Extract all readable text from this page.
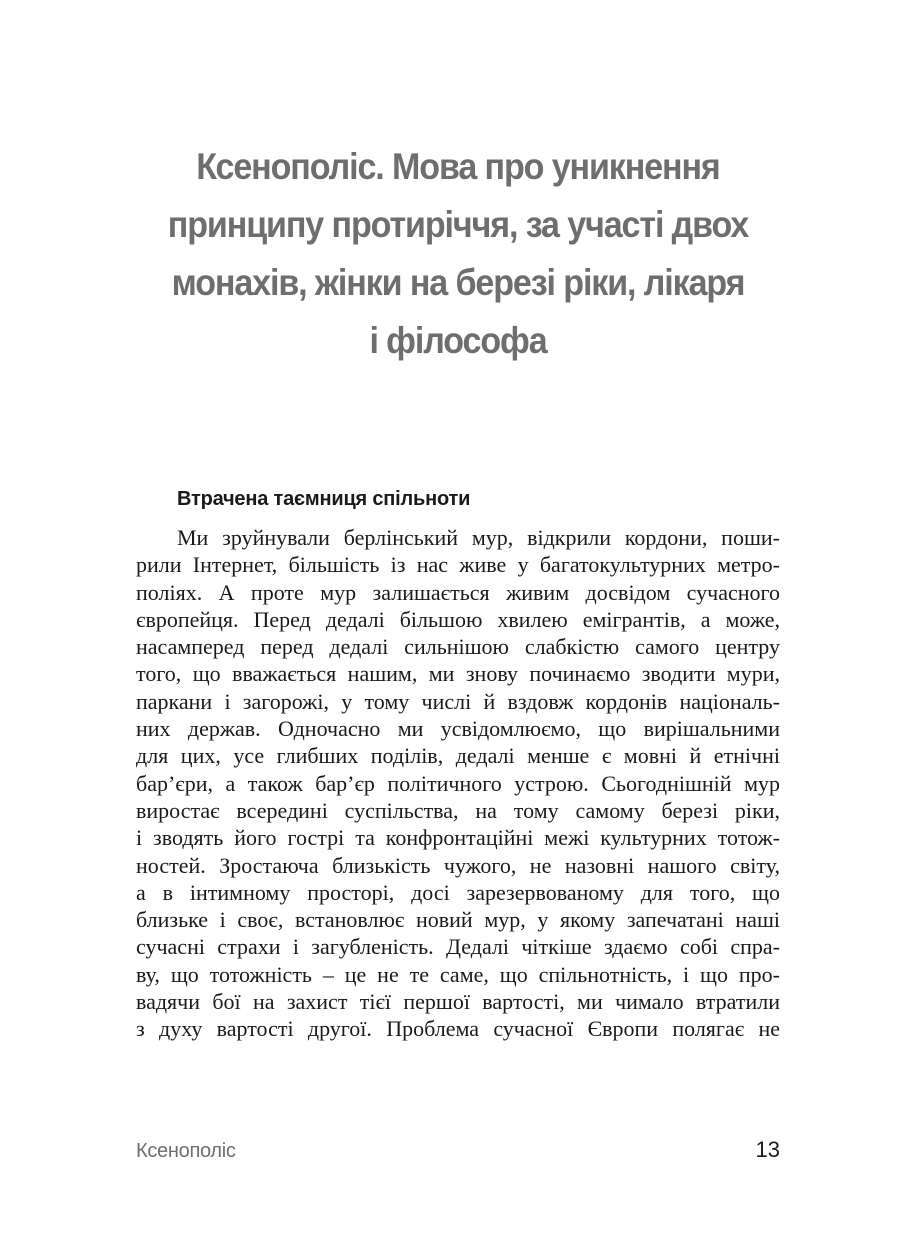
Ксенополіс. Мова про уникнення
принципу протиріччя, за участі двох
монахів, жінки на березі ріки, лікаря
і філософа
Втрачена таємниця спільноти
Ми зруйнували берлінський мур, відкрили кордони, поши-
рили Інтернет, більшість із нас живе у багатокультурних метро-
поліях. А проте мур залишається живим досвідом сучасного
європейця. Перед дедалі більшою хвилею емігрантів, а може,
насамперед перед дедалі сильнішою слабкістю самого центру
того, що вважається нашим, ми знову починаємо зводити мури,
паркани і загорожі, у тому числі й вздовж кордонів національ-
них держав. Одночасно ми усвідомлюємо, що вирішальними
для цих, усе глибших поділів, дедалі менше є мовні й етнічні
бар’єри, а також бар’єр політичного устрою. Сьогоднішній мур
виростає всередині суспільства, на тому самому березі ріки,
і зводять його гострі та конфронтаційні межі культурних тотож-
ностей. Зростаюча близькість чужого, не назовні нашого світу,
а в інтимному просторі, досі зарезервованому для того, що
близьке і своє, встановлює новий мур, у якому запечатані наші
сучасні страхи і загубленість. Дедалі чіткіше здаємо собі спра-
ву, що тотожність – це не те саме, що спільнотність, і що про-
вадячи бої на захист тієї першої вартості, ми чимало втратили
з духу вартості другої. Проблема сучасної Європи полягає не
Ксенополіс	13
